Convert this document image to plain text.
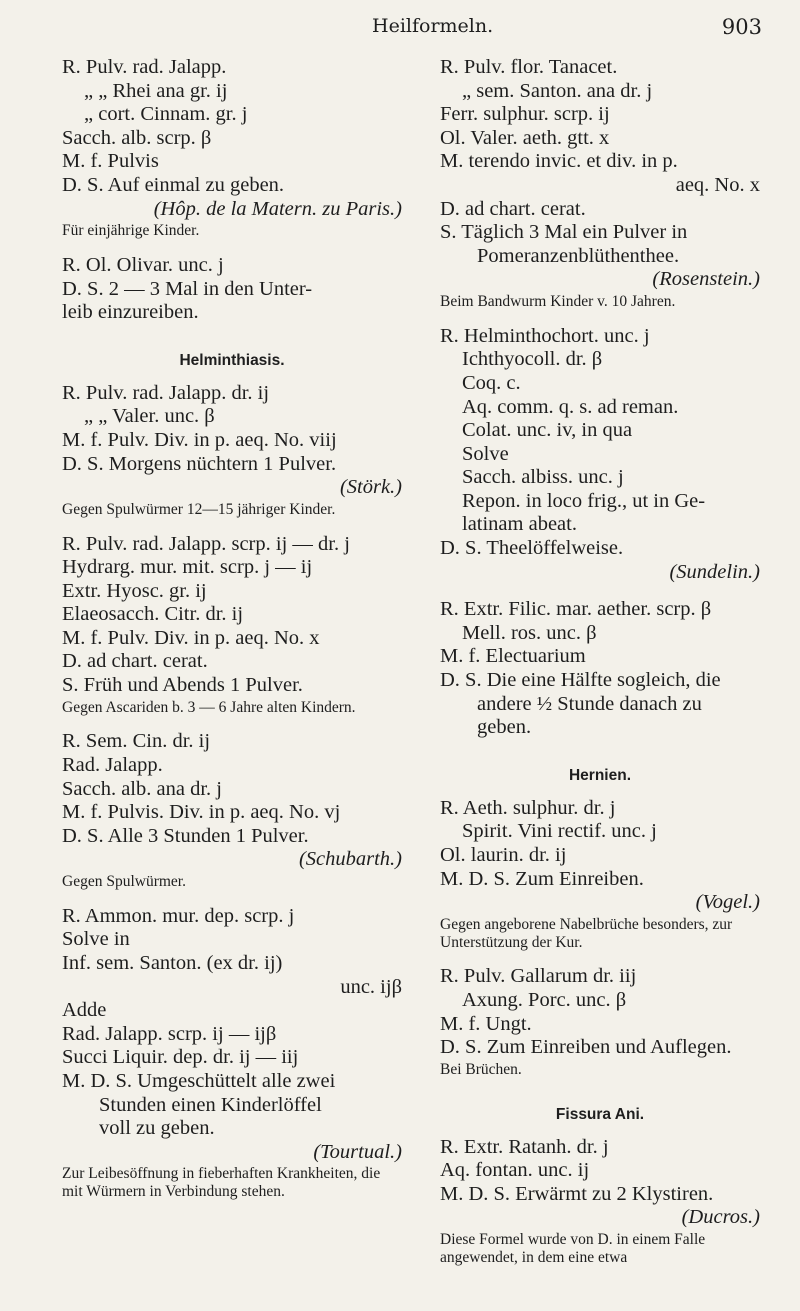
Heilformeln.	903
R. Pulv. rad. Jalapp.
„ „ Rhei ana gr. ij
„ cort. Cinnam. gr. j
Sacch. alb. scrp. β
M. f. Pulvis
D. S. Auf einmal zu geben.
(Hôp. de la Matern. zu Paris.)
Für einjährige Kinder.
R. Ol. Olivar. unc. j
D. S. 2 — 3 Mal in den Unter-
leib einzureiben.
Helminthiasis.
R. Pulv. rad. Jalapp. dr. ij
„ „ Valer. unc. β
M. f. Pulv. Div. in p. aeq. No. viij
D. S. Morgens nüchtern 1 Pulver.
(Störk.)
Gegen Spulwürmer 12—15 jähriger Kinder.
R. Pulv. rad. Jalapp. scrp. ij — dr. j
Hydrarg. mur. mit. scrp. j — ij
Extr. Hyosc. gr. ij
Elaeosacch. Citr. dr. ij
M. f. Pulv. Div. in p. aeq. No. x
D. ad chart. cerat.
S. Früh und Abends 1 Pulver.
Gegen Ascariden b. 3 — 6 Jahre alten Kindern.
R. Sem. Cin. dr. ij
Rad. Jalapp.
Sacch. alb. ana dr. j
M. f. Pulvis. Div. in p. aeq. No. vj
D. S. Alle 3 Stunden 1 Pulver.
(Schubarth.)
Gegen Spulwürmer.
R. Ammon. mur. dep. scrp. j
Solve in
Inf. sem. Santon. (ex dr. ij)
unc. ijβ
Adde
Rad. Jalapp. scrp. ij — ijβ
Succi Liquir. dep. dr. ij — iij
M. D. S. Umgeschüttelt alle zwei
Stunden einen Kinderlöffel
voll zu geben.
(Tourtual.)
Zur Leibesöffnung in fieberhaften Krankheiten, die mit Würmern in Verbindung stehen.
R. Pulv. flor. Tanacet.
„ sem. Santon. ana dr. j
Ferr. sulphur. scrp. ij
Ol. Valer. aeth. gtt. x
M. terendo invic. et div. in p.
aeq. No. x
D. ad chart. cerat.
S. Täglich 3 Mal ein Pulver in
Pomeranzenblüthenthee.
(Rosenstein.)
Beim Bandwurm Kinder v. 10 Jahren.
R. Helminthochort. unc. j
Ichthyocoll. dr. β
Coq. c.
Aq. comm. q. s. ad reman.
Colat. unc. iv, in qua
Solve
Sacch. albiss. unc. j
Repon. in loco frig., ut in Ge-
latinam abeat.
D. S. Theelöffelweise.
(Sundelin.)
R. Extr. Filic. mar. aether. scrp. β
Mell. ros. unc. β
M. f. Electuarium
D. S. Die eine Hälfte sogleich, die
andere ½ Stunde danach zu
geben.
Hernien.
R. Aeth. sulphur. dr. j
Spirit. Vini rectif. unc. j
Ol. laurin. dr. ij
M. D. S. Zum Einreiben.
(Vogel.)
Gegen angeborene Nabelbrüche besonders, zur Unterstützung der Kur.
R. Pulv. Gallarum dr. iij
Axung. Porc. unc. β
M. f. Ungt.
D. S. Zum Einreiben und Auflegen.
Bei Brüchen.
Fissura Ani.
R. Extr. Ratanh. dr. j
Aq. fontan. unc. ij
M. D. S. Erwärmt zu 2 Klystiren.
(Ducros.)
Diese Formel wurde von D. in einem Falle angewendet, in dem eine etwa
